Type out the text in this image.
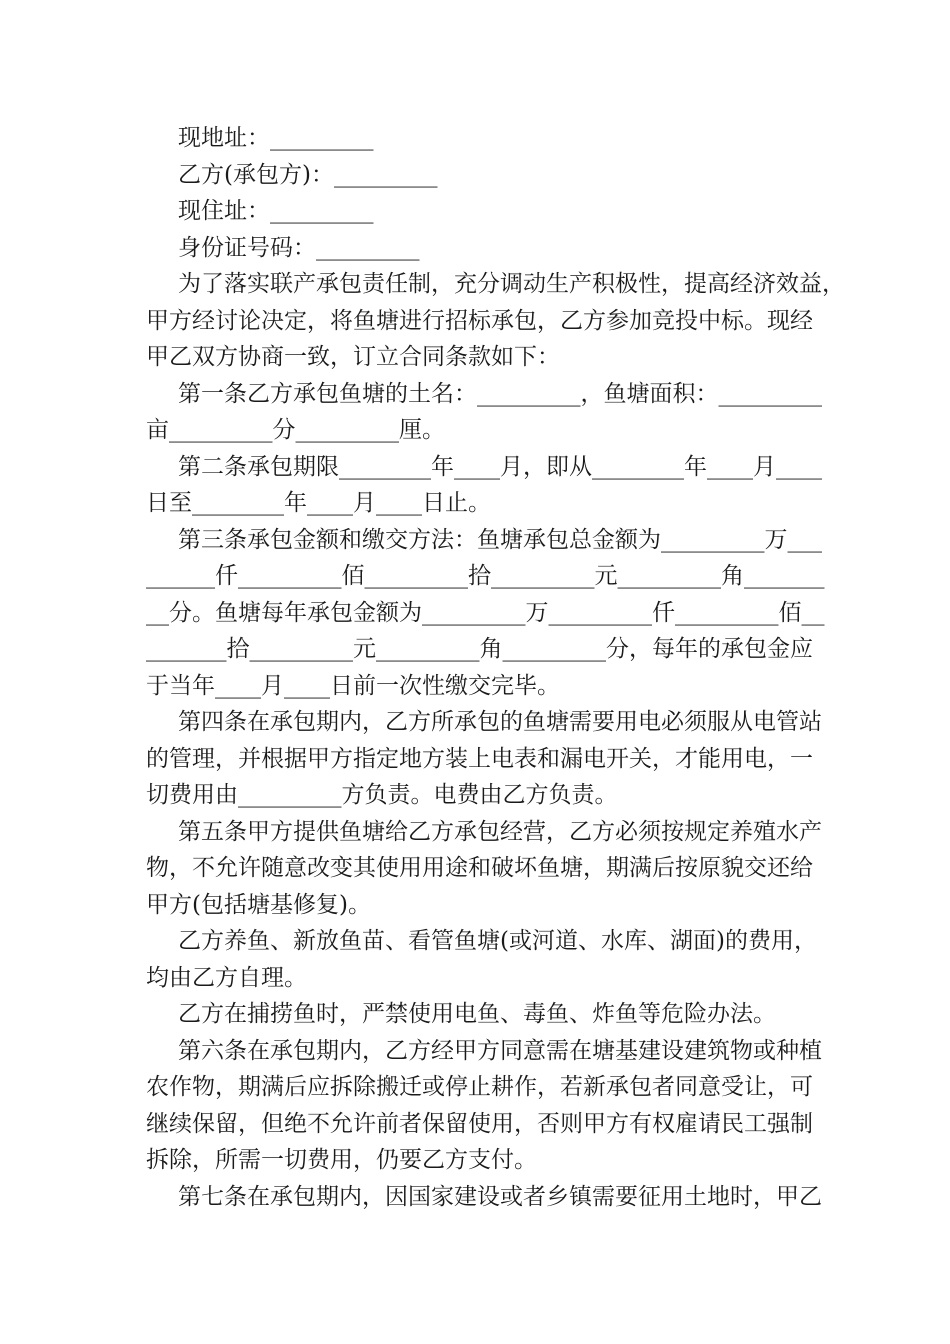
现地址：_________
乙方(承包方)：_________
现住址：_________
身份证号码：_________
为了落实联产承包责任制，充分调动生产积极性，提高经济效益，
甲方经讨论决定，将鱼塘进行招标承包，乙方参加竞投中标。现经
甲乙双方协商一致，订立合同条款如下：
第一条乙方承包鱼塘的土名：_________，鱼塘面积：_________
亩_________分_________厘。
第二条承包期限________年____月，即从________年____月____
日至________年____月____日止。
第三条承包金额和缴交方法：鱼塘承包总金额为_________万___
______仟_________佰_________拾_________元_________角_______
__分。鱼塘每年承包金额为_________万_________仟_________佰__
_______拾_________元_________角_________分，每年的承包金应
于当年____月____日前一次性缴交完毕。
第四条在承包期内，乙方所承包的鱼塘需要用电必须服从电管站
的管理，并根据甲方指定地方装上电表和漏电开关，才能用电，一
切费用由_________方负责。电费由乙方负责。
第五条甲方提供鱼塘给乙方承包经营，乙方必须按规定养殖水产
物，不允许随意改变其使用用途和破坏鱼塘，期满后按原貌交还给
甲方(包括塘基修复)。
乙方养鱼、新放鱼苗、看管鱼塘(或河道、水库、湖面)的费用，
均由乙方自理。
乙方在捕捞鱼时，严禁使用电鱼、毒鱼、炸鱼等危险办法。
第六条在承包期内，乙方经甲方同意需在塘基建设建筑物或种植
农作物，期满后应拆除搬迁或停止耕作，若新承包者同意受让，可
继续保留，但绝不允许前者保留使用，否则甲方有权雇请民工强制
拆除，所需一切费用，仍要乙方支付。
第七条在承包期内，因国家建设或者乡镇需要征用土地时，甲乙
